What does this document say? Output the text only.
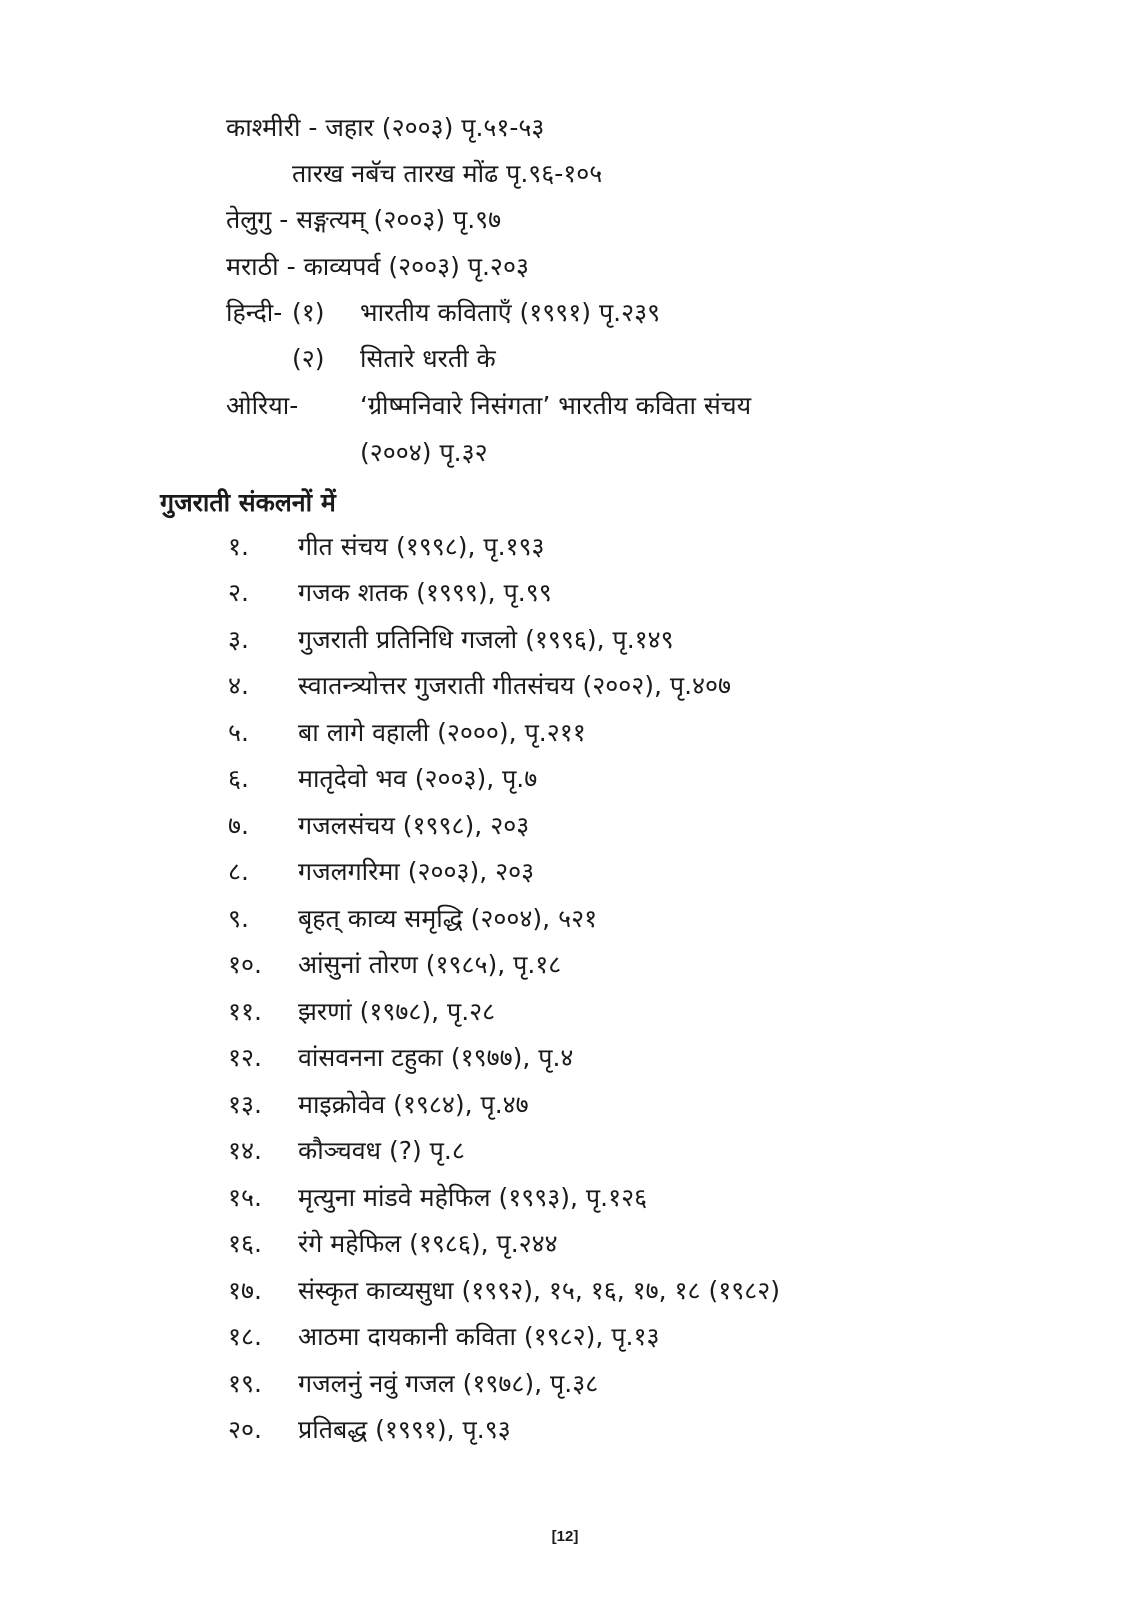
काश्मीरी - जहार (२००३) पृ.५१-५३
तारख नबॅच तारख मोंढ पृ.९६-१०५
तेलुगु - सङ्गत्यम् (२००३) पृ.९७
मराठी - काव्यपर्व (२००३) पृ.२०३
हिन्दी- (१) भारतीय कविताएँ (१९९१) पृ.२३९
(२) सितारे धरती के
ओरिया- ‘ग्रीष्मनिवारे निसंगता’ भारतीय कविता संचय
(२००४) पृ.३२
गुजराती संकलनों में
१. गीत संचय (१९९८), पृ.१९३
२. गजक शतक (१९९९), पृ.९९
३. गुजराती प्रतिनिधि गजलो (१९९६), पृ.१४९
४. स्वातन्त्र्योत्तर गुजराती गीतसंचय (२००२), पृ.४०७
५. बा लागे वहाली (२०००), पृ.२११
६. मातृदेवो भव (२००३), पृ.७
७. गजलसंचय (१९९८), २०३
८. गजलगरिमा (२००३), २०३
९. बृहत् काव्य समृद्धि (२००४), ५२१
१०. आंसुनां तोरण (१९८५), पृ.१८
११. झरणां (१९७८), पृ.२८
१२. वांसवनना टहुका (१९७७), पृ.४
१३. माइक्रोवेव (१९८४), पृ.४७
१४. कौञ्चवध (?) पृ.८
१५. मृत्युना मांडवे महेफिल (१९९३), पृ.१२६
१६. रंगे महेफिल (१९८६), पृ.२४४
१७. संस्कृत काव्यसुधा (१९९२), १५, १६, १७, १८ (१९८२)
१८. आठमा दायकानी कविता (१९८२), पृ.१३
१९. गजलनुं नवुं गजल (१९७८), पृ.३८
२०. प्रतिबद्ध (१९९१), पृ.९३
[12]
